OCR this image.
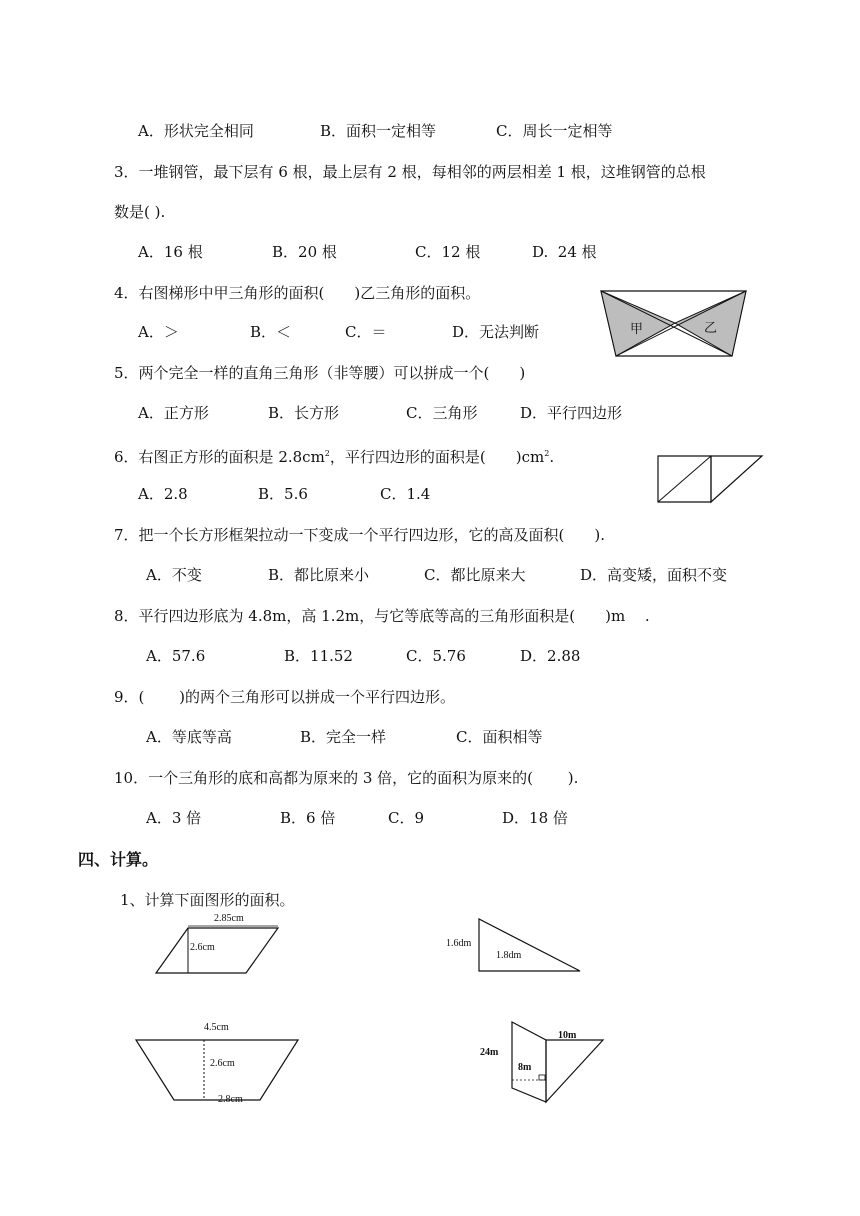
A．形状完全相同	B．面积一定相等	C．周长一定相等
3．一堆钢管，最下层有 6 根，最上层有 2 根，每相邻的两层相差 1 根，这堆钢管的总根
数是( ).
A．16 根	B．20 根	C．12 根	D.  24 根
4．右图梯形中甲三角形的面积(　　)乙三角形的面积。
A．＞	B．＜	C．＝	D．无法判断	甲	乙
5．两个完全一样的直角三角形（非等腰）可以拼成一个(　　)
A．正方形	B．长方形	C．三角形	D．平行四边形
6．右图正方形的面积是 $2.8cm^2$，平行四边形的面积是(　　)$cm^2$.
A．2.8	B．5.6	C．1.4
7．把一个长方形框架拉动一下变成一个平行四边形，它的高及面积(　　).
A．不变	B．都比原来小	C．都比原来大	D．高变矮，面积不变
8．平行四边形底为 4.8m，高 1.2m，与它等底等高的三角形面积是(　　)m　 .
A．57.6	B．11.52	C．5.76	D．2.88
9．(　　 )的两个三角形可以拼成一个平行四边形。
A．等底等高	B．完全一样	C．面积相等
10．一个三角形的底和高都为原来的 3 倍，它的面积为原来的(　　 ).
A．3 倍	B．6 倍	C．9	D．18 倍
四、计算。
1、计算下面图形的面积。
2.85cm
2.6cm	1.6dm
1.8dm
4.5cm
2.6cm
2.8cm
24m
10m
8m
